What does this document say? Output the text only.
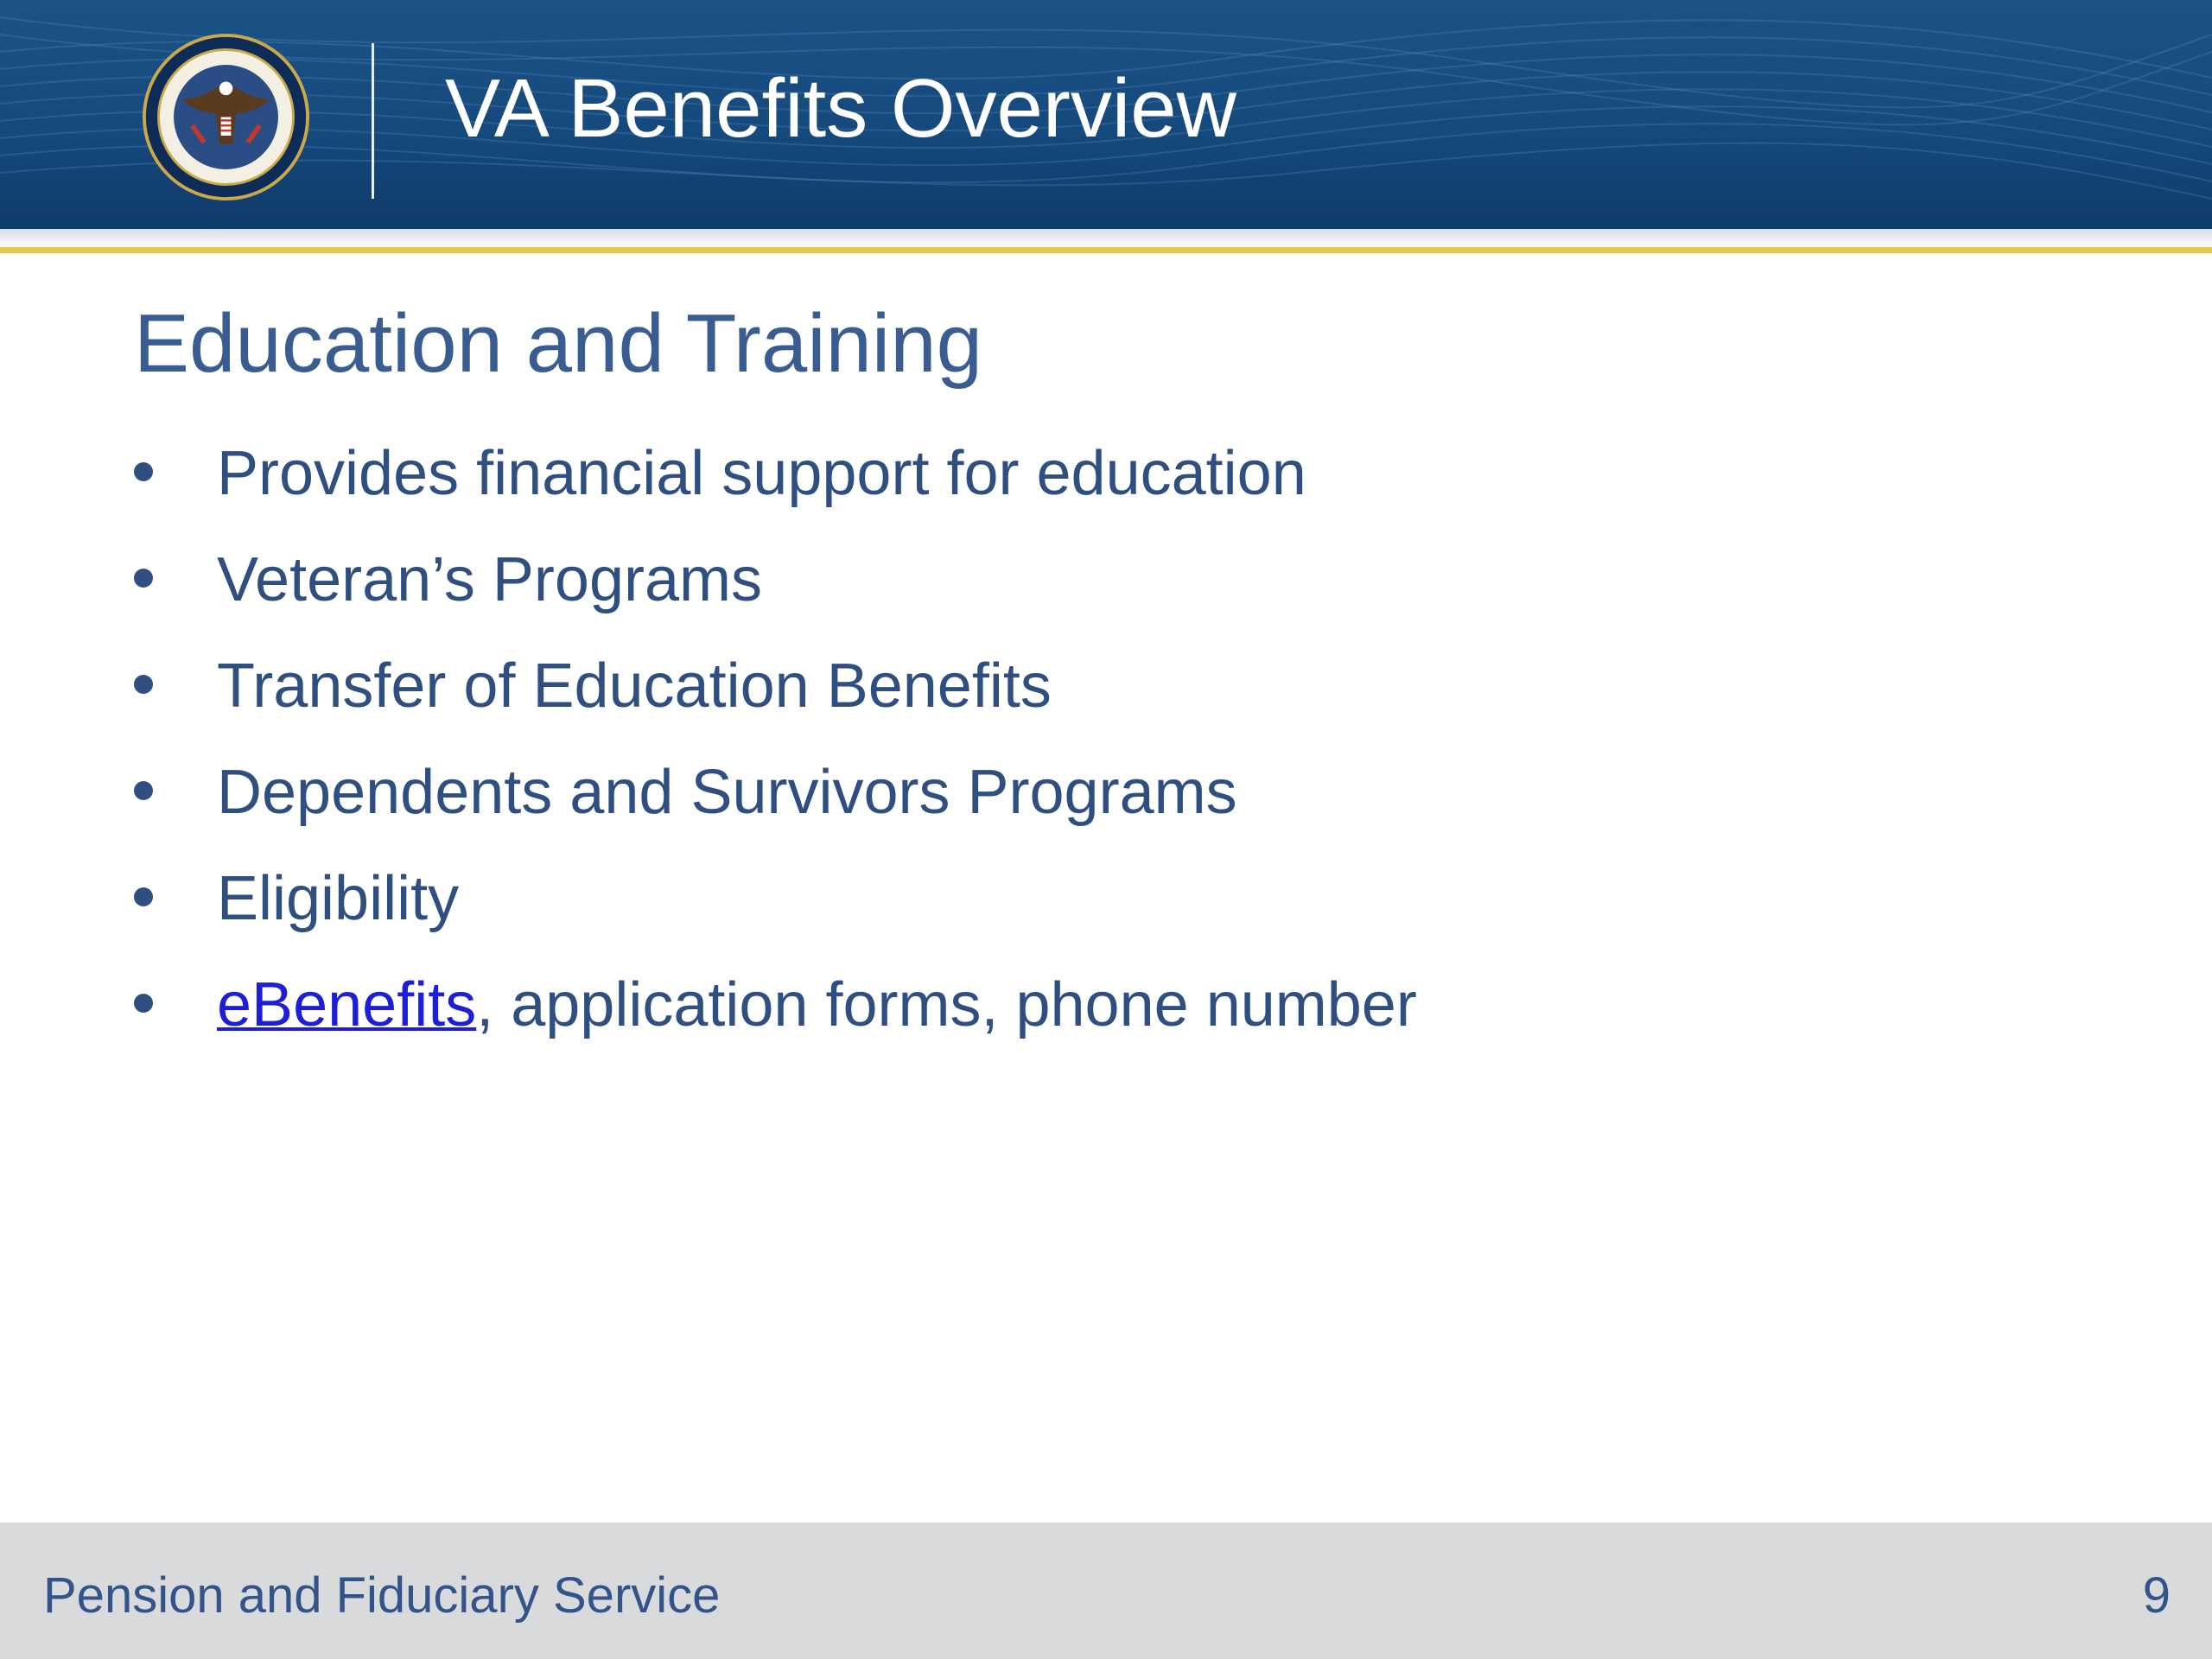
VA Benefits Overview
Education and Training
Provides financial support for education
Veteran’s Programs
Transfer of Education Benefits
Dependents and Survivors Programs
Eligibility
eBenefits, application forms, phone number
Pension and Fiduciary Service	9
